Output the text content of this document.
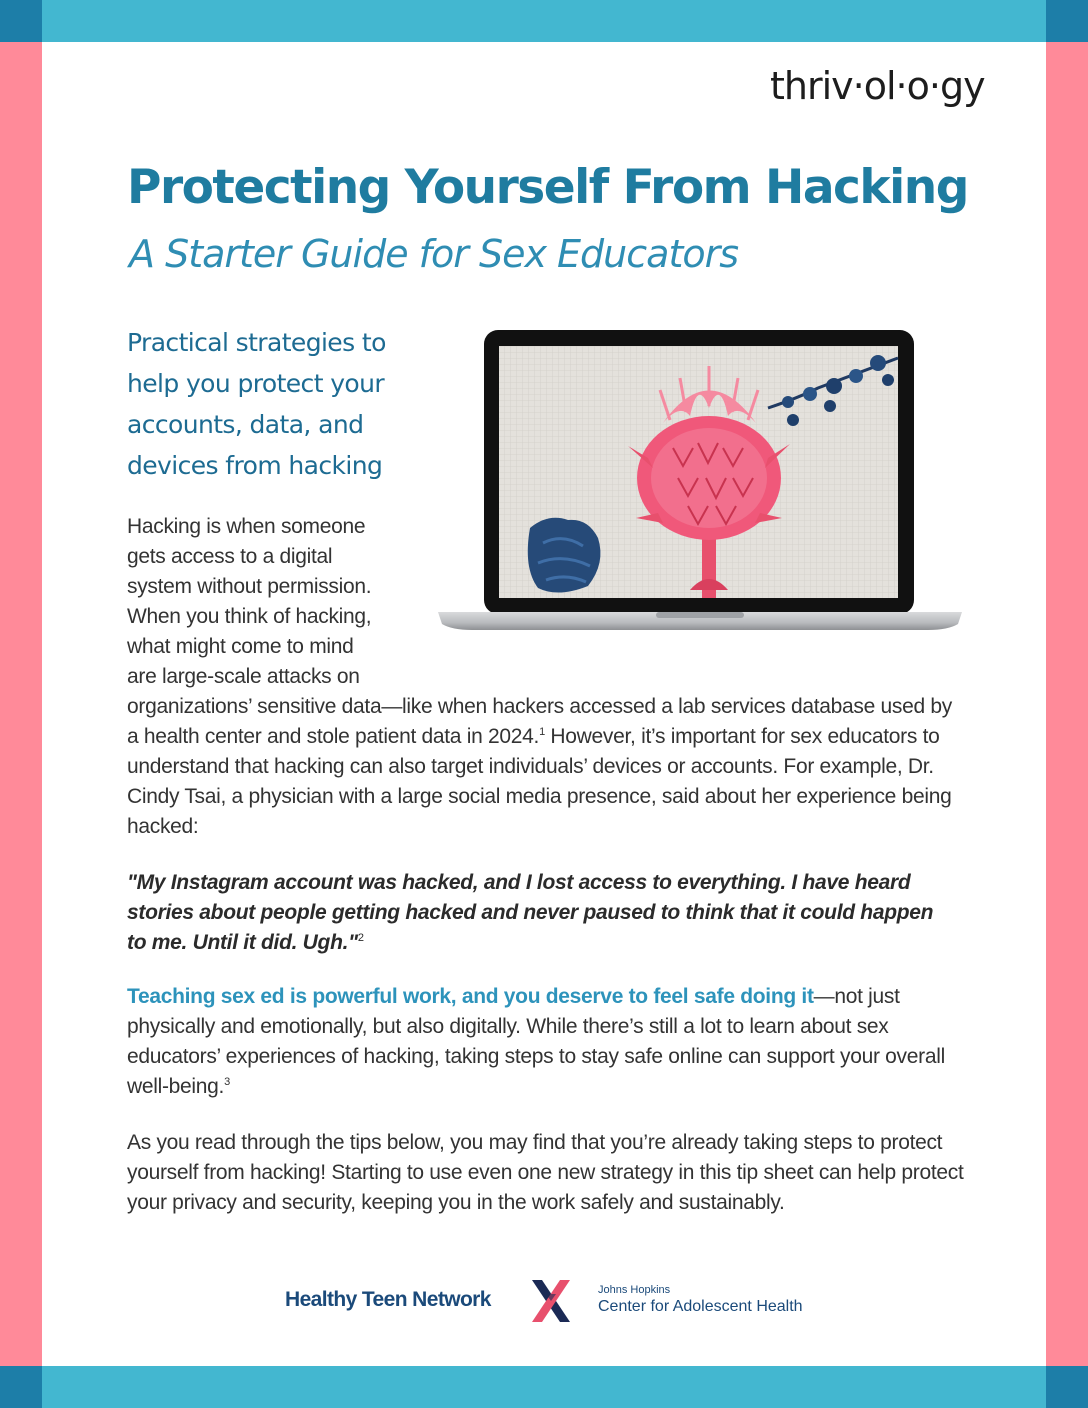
thriv·ol·o·gy
Protecting Yourself From Hacking
A Starter Guide for Sex Educators
Practical strategies to
help you protect your
accounts, data, and
devices from hacking
Hacking is when someone
gets access to a digital
system without permission.
When you think of hacking,
what might come to mind
are large-scale attacks on

organizations’ sensitive data—like when hackers accessed a lab services database used by a health center and stole patient data in 2024.$^1$ However, it’s important for sex educators to understand that hacking can also target individuals’ devices or accounts. For example, Dr. Cindy Tsai, a physician with a large social media presence, said about her experience being hacked:

"My Instagram account was hacked, and I lost access to everything. I have heard stories about people getting hacked and never paused to think that it could happen to me. Until it did. Ugh."$^2$

Teaching sex ed is powerful work, and you deserve to feel safe doing it—not just physically and emotionally, but also digitally. While there’s still a lot to learn about sex educators’ experiences of hacking, taking steps to stay safe online can support your overall well-being.$^3$

As you read through the tips below, you may find that you’re already taking steps to protect yourself from hacking! Starting to use even one new strategy in this tip sheet can help protect your privacy and security, keeping you in the work safely and sustainably.

Healthy Teen Network	Johns Hopkins
Center for Adolescent Health
